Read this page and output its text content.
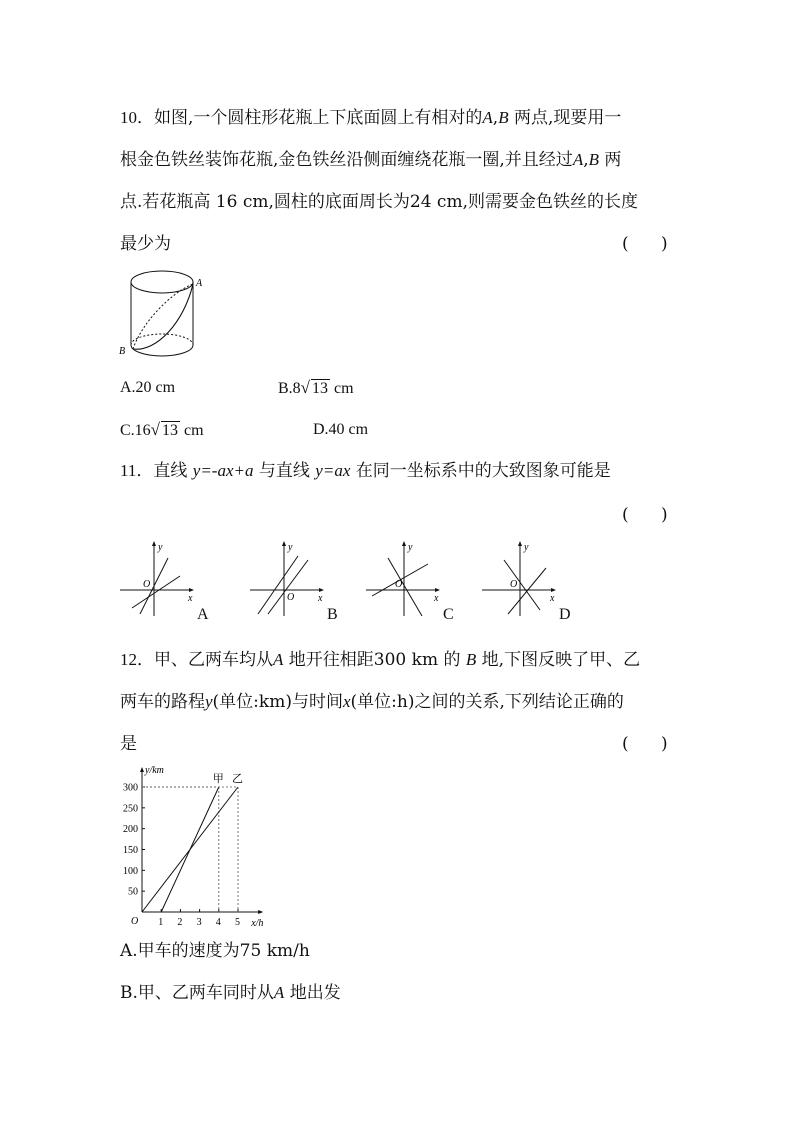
10．如图,一个圆柱形花瓶上下底面圆上有相对的A,B 两点,现要用一
根金色铁丝装饰花瓶,金色铁丝沿侧面缠绕花瓶一圈,并且经过A,B 两
点.若花瓶高 16 cm,圆柱的底面周长为24 cm,则需要金色铁丝的长度
最少为	(      )
A
B
A.20 cm	B.8√ 13 cm
C.16√ 13 cm	D.40 cm
11．直线 y=-ax+a 与直线 y=ax 在同一坐标系中的大致图象可能是
(      )
y
x
O
A
y
x
O
B
y
x
O
C
y
x
O
D
12．甲、乙两车均从A 地开往相距300 km 的 B 地,下图反映了甲、乙
两车的路程y(单位:km)与时间x(单位:h)之间的关系,下列结论正确的
是	(      )
y/km
x/h
O 1 2 3 4 5
50
100
150
200
250
300
甲 乙
A.甲车的速度为75 km/h
B.甲、乙两车同时从A 地出发
